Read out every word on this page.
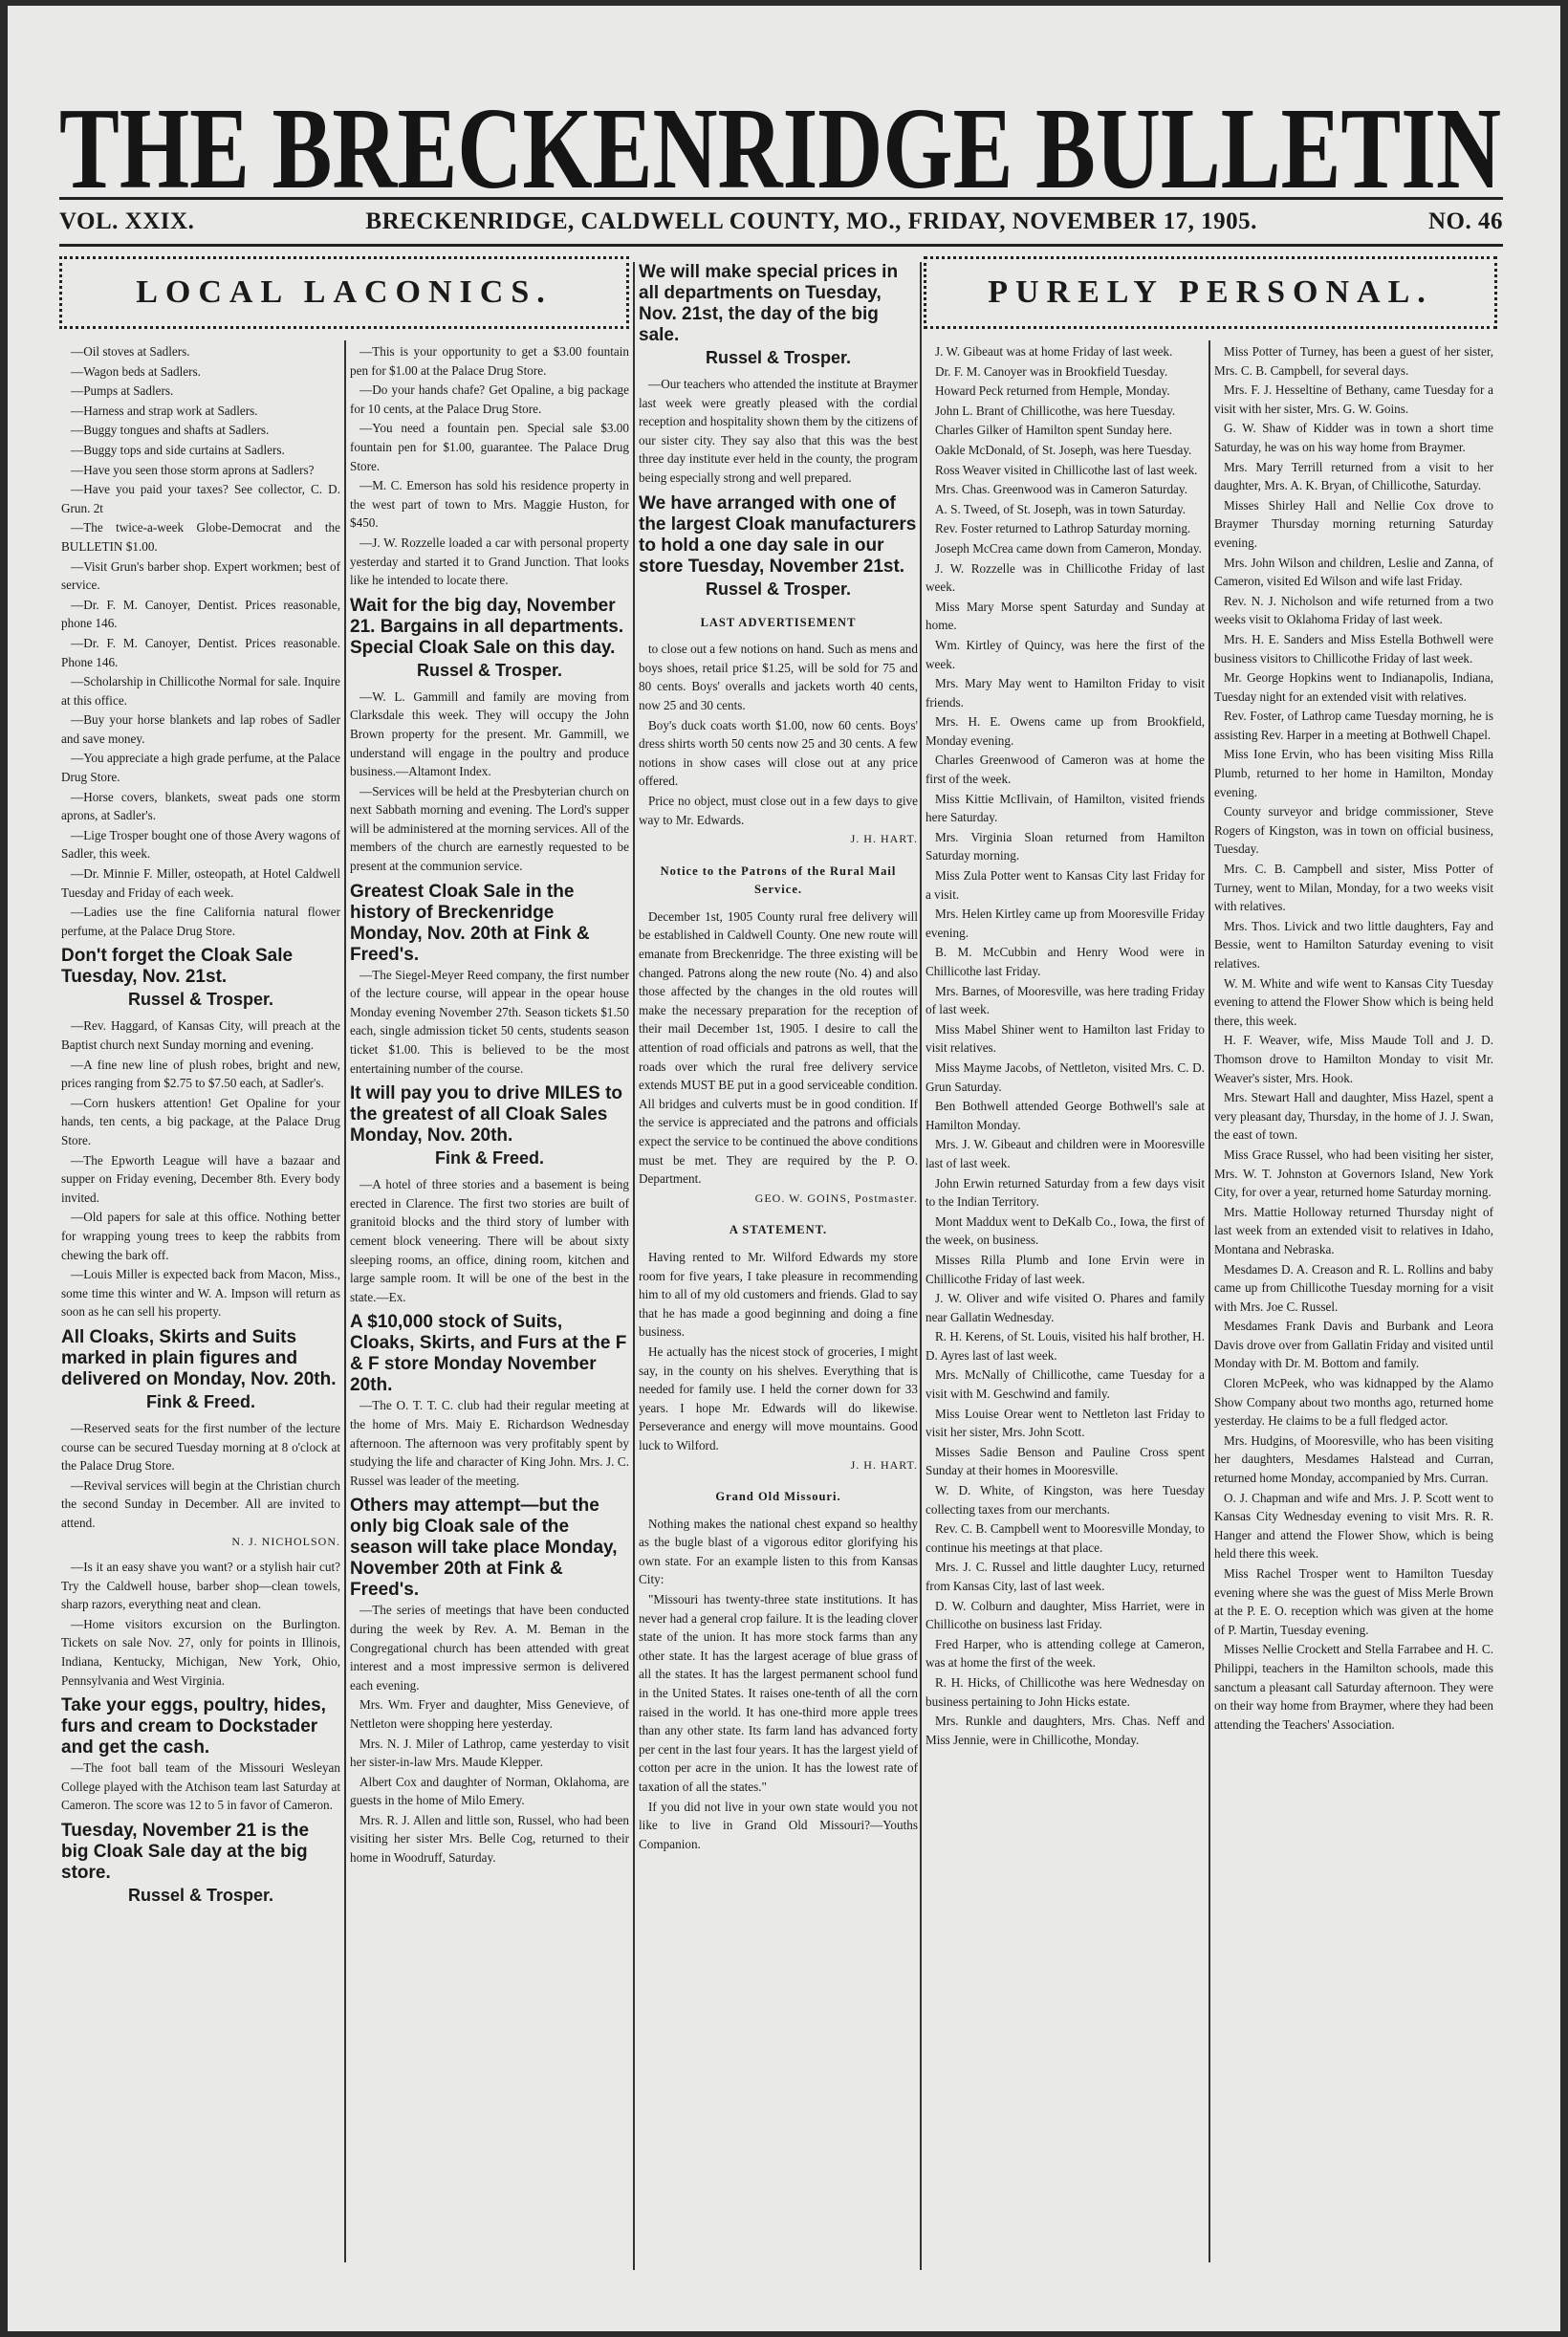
THE BRECKENRIDGE BULLETIN
VOL. XXIX.	BRECKENRIDGE, CALDWELL COUNTY, MO., FRIDAY, NOVEMBER 17, 1905.	NO. 46
LOCAL LACONICS.	PURELY PERSONAL.
—Oil stoves at Sadlers.
—Wagon beds at Sadlers.
—Pumps at Sadlers.
—Harness and strap work at Sadlers.
—Buggy tongues and shafts at Sadlers.
—Buggy tops and side curtains at Sadlers.
—Have you seen those storm aprons at Sadlers?
—Have you paid your taxes? See collector, C. D. Grun. 2t
—The twice-a-week Globe-Democrat and the BULLETIN $1.00.
—Visit Grun's barber shop. Expert workmen; best of service.
—Dr. F. M. Canoyer, Dentist. Prices reasonable, phone 146.
—Dr. F. M. Canoyer, Dentist. Prices reasonable. Phone 146.
—Scholarship in Chillicothe Normal for sale. Inquire at this office.
—Buy your horse blankets and lap robes of Sadler and save money.
—You appreciate a high grade perfume, at the Palace Drug Store.
—Horse covers, blankets, sweat pads one storm aprons, at Sadler's.
—Lige Trosper bought one of those Avery wagons of Sadler, this week.
—Dr. Minnie F. Miller, osteopath, at Hotel Caldwell Tuesday and Friday of each week.
—Ladies use the fine California natural flower perfume, at the Palace Drug Store.
Don't forget the Cloak Sale Tuesday, Nov. 21st.
Russel & Trosper.
—Rev. Haggard, of Kansas City, will preach at the Baptist church next Sunday morning and evening.
—A fine new line of plush robes, bright and new, prices ranging from $2.75 to $7.50 each, at Sadler's.
—Corn huskers attention! Get Opaline for your hands, ten cents, a big package, at the Palace Drug Store.
—The Epworth League will have a bazaar and supper on Friday evening, December 8th. Every body invited.
—Old papers for sale at this office. Nothing better for wrapping young trees to keep the rabbits from chewing the bark off.
—Louis Miller is expected back from Macon, Miss., some time this winter and W. A. Impson will return as soon as he can sell his property.
All Cloaks, Skirts and Suits marked in plain figures and delivered on Monday, Nov. 20th.
Fink & Freed.
—Reserved seats for the first number of the lecture course can be secured Tuesday morning at 8 o'clock at the Palace Drug Store.
—Revival services will begin at the Christian church the second Sunday in December. All are invited to attend.
N. J. NICHOLSON.
—Is it an easy shave you want? or a stylish hair cut? Try the Caldwell house, barber shop—clean towels, sharp razors, everything neat and clean.
—Home visitors excursion on the Burlington. Tickets on sale Nov. 27, only for points in Illinois, Indiana, Kentucky, Michigan, New York, Ohio, Pennsylvania and West Virginia.
Take your eggs, poultry, hides, furs and cream to Dockstader and get the cash.
—The foot ball team of the Missouri Wesleyan College played with the Atchison team last Saturday at Cameron. The score was 12 to 5 in favor of Cameron.
Tuesday, November 21 is the big Cloak Sale day at the big store.
Russel & Trosper.
—This is your opportunity to get a $3.00 fountain pen for $1.00 at the Palace Drug Store.
—Do your hands chafe? Get Opaline, a big package for 10 cents, at the Palace Drug Store.
—You need a fountain pen. Special sale $3.00 fountain pen for $1.00, guarantee. The Palace Drug Store.
—M. C. Emerson has sold his residence property in the west part of town to Mrs. Maggie Huston, for $450.
—J. W. Rozzelle loaded a car with personal property yesterday and started it to Grand Junction. That looks like he intended to locate there.
Wait for the big day, November 21. Bargains in all departments. Special Cloak Sale on this day.
Russel & Trosper.
—W. L. Gammill and family are moving from Clarksdale this week. They will occupy the John Brown property for the present. Mr. Gammill, we understand will engage in the poultry and produce business.—Altamont Index.
—Services will be held at the Presbyterian church on next Sabbath morning and evening. The Lord's supper will be administered at the morning services. All of the members of the church are earnestly requested to be present at the communion service.
Greatest Cloak Sale in the history of Breckenridge Monday, Nov. 20th at Fink & Freed's.
—The Siegel-Meyer Reed company, the first number of the lecture course, will appear in the opear house Monday evening November 27th. Season tickets $1.50 each, single admission ticket 50 cents, students season ticket $1.00. This is believed to be the most entertaining number of the course.
It will pay you to drive MILES to the greatest of all Cloak Sales Monday, Nov. 20th.
Fink & Freed.
—A hotel of three stories and a basement is being erected in Clarence. The first two stories are built of granitoid blocks and the third story of lumber with cement block veneering. There will be about sixty sleeping rooms, an office, dining room, kitchen and large sample room. It will be one of the best in the state.—Ex.
A $10,000 stock of Suits, Cloaks, Skirts, and Furs at the F & F store Monday November 20th.
—The O. T. T. C. club had their regular meeting at the home of Mrs. Maiy E. Richardson Wednesday afternoon. The afternoon was very profitably spent by studying the life and character of King John. Mrs. J. C. Russel was leader of the meeting.
Others may attempt—but the only big Cloak sale of the season will take place Monday, November 20th at Fink & Freed's.
—The series of meetings that have been conducted during the week by Rev. A. M. Beman in the Congregational church has been attended with great interest and a most impressive sermon is delivered each evening.
Mrs. Wm. Fryer and daughter, Miss Genevieve, of Nettleton were shopping here yesterday.
Mrs. N. J. Miler of Lathrop, came yesterday to visit her sister-in-law Mrs. Maude Klepper.
Albert Cox and daughter of Norman, Oklahoma, are guests in the home of Milo Emery.
Mrs. R. J. Allen and little son, Russel, who had been visiting her sister Mrs. Belle Cog, returned to their home in Woodruff, Saturday.
We will make special prices in all departments on Tuesday, Nov. 21st, the day of the big sale.
Russel & Trosper.
—Our teachers who attended the institute at Braymer last week were greatly pleased with the cordial reception and hospitality shown them by the citizens of our sister city. They say also that this was the best three day institute ever held in the county, the program being especially strong and well prepared.
We have arranged with one of the largest Cloak manufacturers to hold a one day sale in our store Tuesday, November 21st.
Russel & Trosper.
LAST ADVERTISEMENT
to close out a few notions on hand. Such as mens and boys shoes, retail price $1.25, will be sold for 75 and 80 cents. Boys' overalls and jackets worth 40 cents, now 25 and 30 cents.
Boy's duck coats worth $1.00, now 60 cents. Boys' dress shirts worth 50 cents now 25 and 30 cents. A few notions in show cases will close out at any price offered.
Price no object, must close out in a few days to give way to Mr. Edwards.
J. H. HART.
Notice to the Patrons of the Rural Mail Service.
December 1st, 1905 County rural free delivery will be established in Caldwell County. One new route will emanate from Breckenridge. The three existing will be changed. Patrons along the new route (No. 4) and also those affected by the changes in the old routes will make the necessary preparation for the reception of their mail December 1st, 1905. I desire to call the attention of road officials and patrons as well, that the roads over which the rural free delivery service extends MUST BE put in a good serviceable condition. All bridges and culverts must be in good condition. If the service is appreciated and the patrons and officials expect the service to be continued the above conditions must be met. They are required by the P. O. Department.
GEO. W. GOINS, Postmaster.
A STATEMENT.
Having rented to Mr. Wilford Edwards my store room for five years, I take pleasure in recommending him to all of my old customers and friends. Glad to say that he has made a good beginning and doing a fine business.
He actually has the nicest stock of groceries, I might say, in the county on his shelves. Everything that is needed for family use. I held the corner down for 33 years. I hope Mr. Edwards will do likewise. Perseverance and energy will move mountains. Good luck to Wilford.
J. H. HART.
Grand Old Missouri.
Nothing makes the national chest expand so healthy as the bugle blast of a vigorous editor glorifying his own state. For an example listen to this from Kansas City:
"Missouri has twenty-three state institutions. It has never had a general crop failure. It is the leading clover state of the union. It has more stock farms than any other state. It has the largest acerage of blue grass of all the states. It has the largest permanent school fund in the United States. It raises one-tenth of all the corn raised in the world. It has one-third more apple trees than any other state. Its farm land has advanced forty per cent in the last four years. It has the largest yield of cotton per acre in the union. It has the lowest rate of taxation of all the states."
If you did not live in your own state would you not like to live in Grand Old Missouri?—Youths Companion.
J. W. Gibeaut was at home Friday of last week.
Dr. F. M. Canoyer was in Brookfield Tuesday.
Howard Peck returned from Hemple, Monday.
John L. Brant of Chillicothe, was here Tuesday.
Charles Gilker of Hamilton spent Sunday here.
Oakle McDonald, of St. Joseph, was here Tuesday.
Ross Weaver visited in Chillicothe last of last week.
Mrs. Chas. Greenwood was in Cameron Saturday.
A. S. Tweed, of St. Joseph, was in town Saturday.
Rev. Foster returned to Lathrop Saturday morning.
Joseph McCrea came down from Cameron, Monday.
J. W. Rozzelle was in Chillicothe Friday of last week.
Miss Mary Morse spent Saturday and Sunday at home.
Wm. Kirtley of Quincy, was here the first of the week.
Mrs. Mary May went to Hamilton Friday to visit friends.
Mrs. H. E. Owens came up from Brookfield, Monday evening.
Charles Greenwood of Cameron was at home the first of the week.
Miss Kittie McIlivain, of Hamilton, visited friends here Saturday.
Mrs. Virginia Sloan returned from Hamilton Saturday morning.
Miss Zula Potter went to Kansas City last Friday for a visit.
Mrs. Helen Kirtley came up from Mooresville Friday evening.
B. M. McCubbin and Henry Wood were in Chillicothe last Friday.
Mrs. Barnes, of Mooresville, was here trading Friday of last week.
Miss Mabel Shiner went to Hamilton last Friday to visit relatives.
Miss Mayme Jacobs, of Nettleton, visited Mrs. C. D. Grun Saturday.
Ben Bothwell attended George Bothwell's sale at Hamilton Monday.
Mrs. J. W. Gibeaut and children were in Mooresville last of last week.
John Erwin returned Saturday from a few days visit to the Indian Territory.
Mont Maddux went to DeKalb Co., Iowa, the first of the week, on business.
Misses Rilla Plumb and Ione Ervin were in Chillicothe Friday of last week.
J. W. Oliver and wife visited O. Phares and family near Gallatin Wednesday.
R. H. Kerens, of St. Louis, visited his half brother, H. D. Ayres last of last week.
Mrs. McNally of Chillicothe, came Tuesday for a visit with M. Geschwind and family.
Miss Louise Orear went to Nettleton last Friday to visit her sister, Mrs. John Scott.
Misses Sadie Benson and Pauline Cross spent Sunday at their homes in Mooresville.
W. D. White, of Kingston, was here Tuesday collecting taxes from our merchants.
Rev. C. B. Campbell went to Mooresville Monday, to continue his meetings at that place.
Mrs. J. C. Russel and little daughter Lucy, returned from Kansas City, last of last week.
D. W. Colburn and daughter, Miss Harriet, were in Chillicothe on business last Friday.
Fred Harper, who is attending college at Cameron, was at home the first of the week.
R. H. Hicks, of Chillicothe was here Wednesday on business pertaining to John Hicks estate.
Mrs. Runkle and daughters, Mrs. Chas. Neff and Miss Jennie, were in Chillicothe, Monday.
Miss Potter of Turney, has been a guest of her sister, Mrs. C. B. Campbell, for several days.
Mrs. F. J. Hesseltine of Bethany, came Tuesday for a visit with her sister, Mrs. G. W. Goins.
G. W. Shaw of Kidder was in town a short time Saturday, he was on his way home from Braymer.
Mrs. Mary Terrill returned from a visit to her daughter, Mrs. A. K. Bryan, of Chillicothe, Saturday.
Misses Shirley Hall and Nellie Cox drove to Braymer Thursday morning returning Saturday evening.
Mrs. John Wilson and children, Leslie and Zanna, of Cameron, visited Ed Wilson and wife last Friday.
Rev. N. J. Nicholson and wife returned from a two weeks visit to Oklahoma Friday of last week.
Mrs. H. E. Sanders and Miss Estella Bothwell were business visitors to Chillicothe Friday of last week.
Mr. George Hopkins went to Indianapolis, Indiana, Tuesday night for an extended visit with relatives.
Rev. Foster, of Lathrop came Tuesday morning, he is assisting Rev. Harper in a meeting at Bothwell Chapel.
Miss Ione Ervin, who has been visiting Miss Rilla Plumb, returned to her home in Hamilton, Monday evening.
County surveyor and bridge commissioner, Steve Rogers of Kingston, was in town on official business, Tuesday.
Mrs. C. B. Campbell and sister, Miss Potter of Turney, went to Milan, Monday, for a two weeks visit with relatives.
Mrs. Thos. Livick and two little daughters, Fay and Bessie, went to Hamilton Saturday evening to visit relatives.
W. M. White and wife went to Kansas City Tuesday evening to attend the Flower Show which is being held there, this week.
H. F. Weaver, wife, Miss Maude Toll and J. D. Thomson drove to Hamilton Monday to visit Mr. Weaver's sister, Mrs. Hook.
Mrs. Stewart Hall and daughter, Miss Hazel, spent a very pleasant day, Thursday, in the home of J. J. Swan, the east of town.
Miss Grace Russel, who had been visiting her sister, Mrs. W. T. Johnston at Governors Island, New York City, for over a year, returned home Saturday morning.
Mrs. Mattie Holloway returned Thursday night of last week from an extended visit to relatives in Idaho, Montana and Nebraska.
Mesdames D. A. Creason and R. L. Rollins and baby came up from Chillicothe Tuesday morning for a visit with Mrs. Joe C. Russel.
Mesdames Frank Davis and Burbank and Leora Davis drove over from Gallatin Friday and visited until Monday with Dr. M. Bottom and family.
Cloren McPeek, who was kidnapped by the Alamo Show Company about two months ago, returned home yesterday. He claims to be a full fledged actor.
Mrs. Hudgins, of Mooresville, who has been visiting her daughters, Mesdames Halstead and Curran, returned home Monday, accompanied by Mrs. Curran.
O. J. Chapman and wife and Mrs. J. P. Scott went to Kansas City Wednesday evening to visit Mrs. R. R. Hanger and attend the Flower Show, which is being held there this week.
Miss Rachel Trosper went to Hamilton Tuesday evening where she was the guest of Miss Merle Brown at the P. E. O. reception which was given at the home of P. Martin, Tuesday evening.
Misses Nellie Crockett and Stella Farrabee and H. C. Philippi, teachers in the Hamilton schools, made this sanctum a pleasant call Saturday afternoon. They were on their way home from Braymer, where they had been attending the Teachers' Association.
